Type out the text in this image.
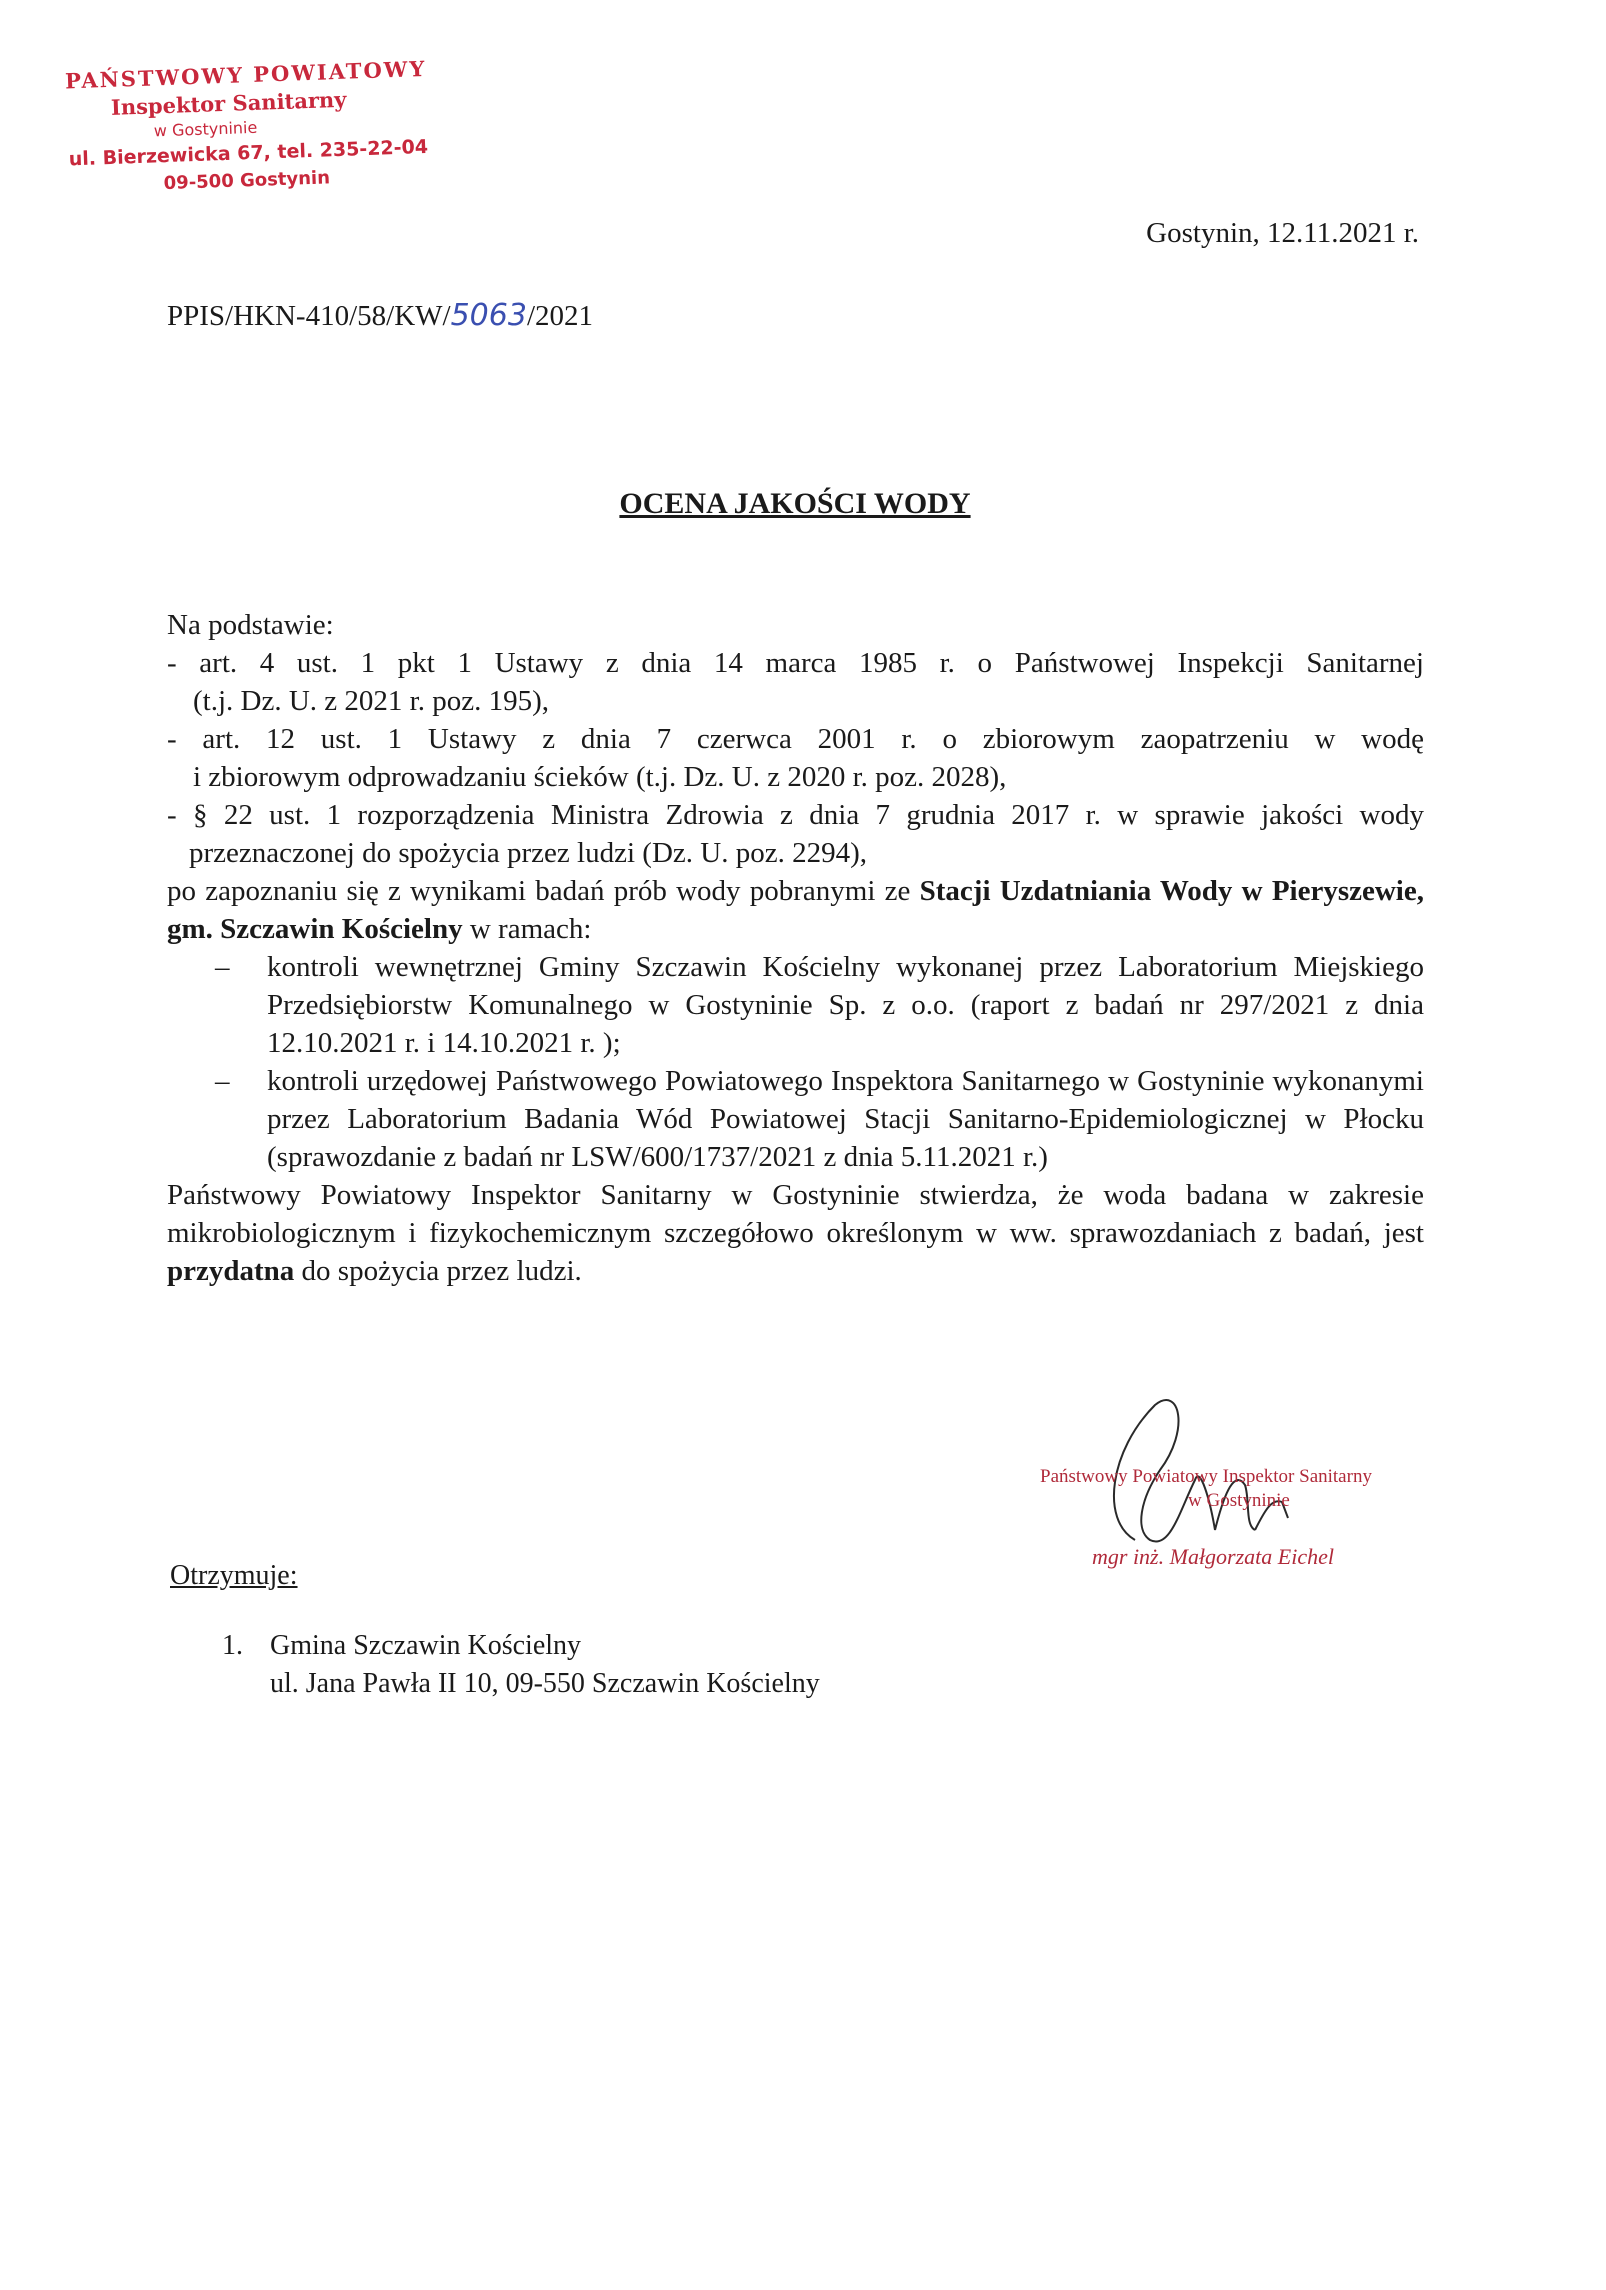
PAŃSTWOWY POWIATOWY
Inspektor Sanitarny
w Gostyninie
ul. Bierzewicka 67, tel. 235-22-04
09-500 Gostynin
Gostynin, 12.11.2021 r.
PPIS/HKN-410/58/KW/5063/2021
OCENA JAKOŚCI WODY

Na podstawie:

- art. 4 ust. 1 pkt 1 Ustawy z dnia 14 marca 1985 r. o Państwowej Inspekcji Sanitarnej

(t.j. Dz. U. z 2021 r. poz. 195),

- art. 12 ust. 1 Ustawy z dnia 7 czerwca 2001 r. o zbiorowym zaopatrzeniu w wodę

i zbiorowym odprowadzaniu ścieków (t.j. Dz. U. z 2020 r. poz. 2028),

- § 22 ust. 1 rozporządzenia Ministra Zdrowia z dnia 7 grudnia 2017 r. w sprawie jakości wody

przeznaczonej do spożycia przez ludzi (Dz. U. poz. 2294),

po zapoznaniu się z wynikami badań prób wody pobranymi ze Stacji Uzdatniania Wody w Pieryszewie, gm. Szczawin Kościelny w ramach:

– kontroli wewnętrznej Gminy Szczawin Kościelny wykonanej przez Laboratorium Miejskiego Przedsiębiorstw Komunalnego w Gostyninie Sp. z o.o. (raport z badań nr 297/2021 z dnia 12.10.2021 r. i 14.10.2021 r. );

– kontroli urzędowej Państwowego Powiatowego Inspektora Sanitarnego w Gostyninie wykonanymi przez Laboratorium Badania Wód Powiatowej Stacji Sanitarno-Epidemiologicznej w Płocku (sprawozdanie z badań nr LSW/600/1737/2021 z dnia 5.11.2021 r.)

Państwowy Powiatowy Inspektor Sanitarny w Gostyninie stwierdza, że woda badana w zakresie mikrobiologicznym i fizykochemicznym szczegółowo określonym w ww. sprawozdaniach z badań, jest przydatna do spożycia przez ludzi.

Państwowy Powiatowy Inspektor Sanitarny
w Gostyninie
mgr inż. Małgorzata Eichel
Otrzymuje:
1. Gmina Szczawin Kościelny
ul. Jana Pawła II 10, 09-550 Szczawin Kościelny
